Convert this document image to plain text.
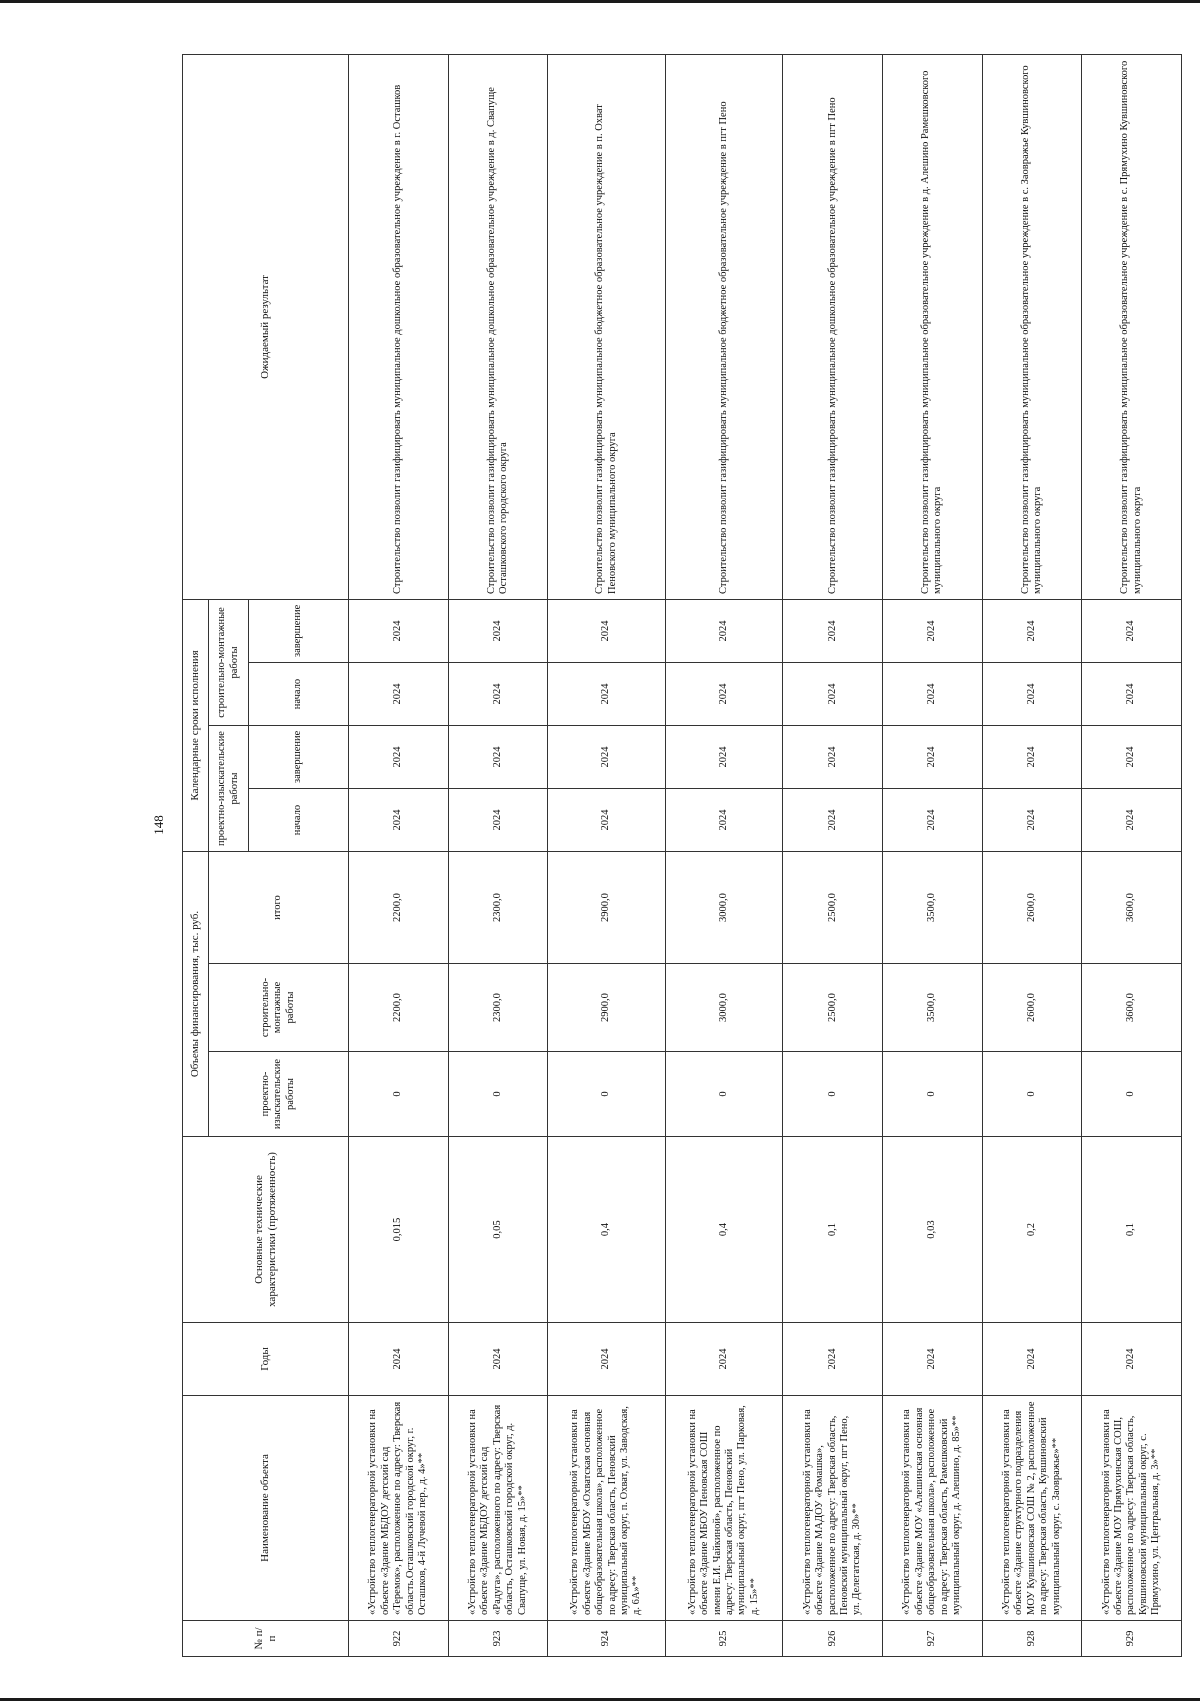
148
№ п/п	Наименование объекта	Годы	Основные технические характеристики (протяженность)	Объемы финансирования, тыс. руб.			Календарные сроки исполнения				Ожидаемый результат
				проектно-изыскательские работы	строительно-монтажные работы	итого	проектно-изыскательские работы		строительно-монтажные работы		
							начало	завершение	начало	завершение	
922	«Устройство теплогенераторной установки на объекте «Здание МБДОУ детский сад «Теремок», расположенное по адресу: Тверская область.Осташковский городской округ, г. Осташков, 4-й Лучевой пер., д. 4»**	2024	0,015	0	2200,0	2200,0	2024	2024	2024	2024	Строительство позволит газифицировать муниципальное дошкольное образовательное учреждение в г. Осташков
923	«Устройство теплогенераторной установки на объекте «Здание МБДОУ детский сад «Радуга», расположенного по адресу: Тверская область, Осташковский городской округ, д. Свапуще, ул. Новая, д. 15»**	2024	0,05	0	2300,0	2300,0	2024	2024	2024	2024	Строительство позволит газифицировать муниципальное дошкольное образовательное учреждение в д. Свапуще Осташковского городского округа
924	«Устройство теплогенераторной установки на объекте «Здание МБОУ «Охватская основная общеобразовательная школа», расположенное по адресу: Тверская область, Пеновский муниципальный округ, п. Охват, ул. Заводская, д. 6А»**	2024	0,4	0	2900,0	2900,0	2024	2024	2024	2024	Строительство позволит газифицировать муниципальное бюджетное образовательное учреждение в п. Охват Пеновского муниципального округа
925	«Устройство теплогенераторной установки на объекте «Здание МБОУ Пеновская СОШ имени Е.И. Чайкиной», расположенное по адресу: Тверская область, Пеновский муниципальный округ, пгт Пено, ул. Парковая, д. 15»**	2024	0,4	0	3000,0	3000,0	2024	2024	2024	2024	Строительство позволит газифицировать муниципальное бюджетное образовательное учреждение в пгт Пено
926	«Устройство теплогенераторной установки на объекте «Здание МАДОУ «Ромашка», расположенное по адресу: Тверская область, Пеновский муниципальный округ, пгт Пено, ул. Делегатская, д. 30»**	2024	0,1	0	2500,0	2500,0	2024	2024	2024	2024	Строительство позволит газифицировать муниципальное дошкольное образовательное учреждение в пгт Пено
927	«Устройство теплогенераторной установки на объекте «Здание МОУ «Алешинская основная общеобразовательная школа», расположенное по адресу: Тверская область, Рамешковский муниципальный округ, д. Алешино, д. 85»**	2024	0,03	0	3500,0	3500,0	2024	2024	2024	2024	Строительство позволит газифицировать муниципальное образовательное учреждение в д. Алешино Рамешковского муниципального округа
928	«Устройство теплогенераторной установки на объекте «Здание структурного подразделения МОУ Кувшиновская СОШ № 2, расположенное по адресу: Тверская область, Кувшиновский муниципальный округ, с. Заовражье»**	2024	0,2	0	2600,0	2600,0	2024	2024	2024	2024	Строительство позволит газифицировать муниципальное образовательное учреждение в с. Заовражье Кувшиновского муниципального округа
929	«Устройство теплогенераторной установки на объекте «Здание МОУ Прямухинская СОШ, расположенное по адресу: Тверская область, Кувшиновский муниципальный округ, с. Прямухино, ул. Центральная, д. 3»**	2024	0,1	0	3600,0	3600,0	2024	2024	2024	2024	Строительство позволит газифицировать муниципальное образовательное учреждение в с. Прямухино Кувшиновского муниципального округа
